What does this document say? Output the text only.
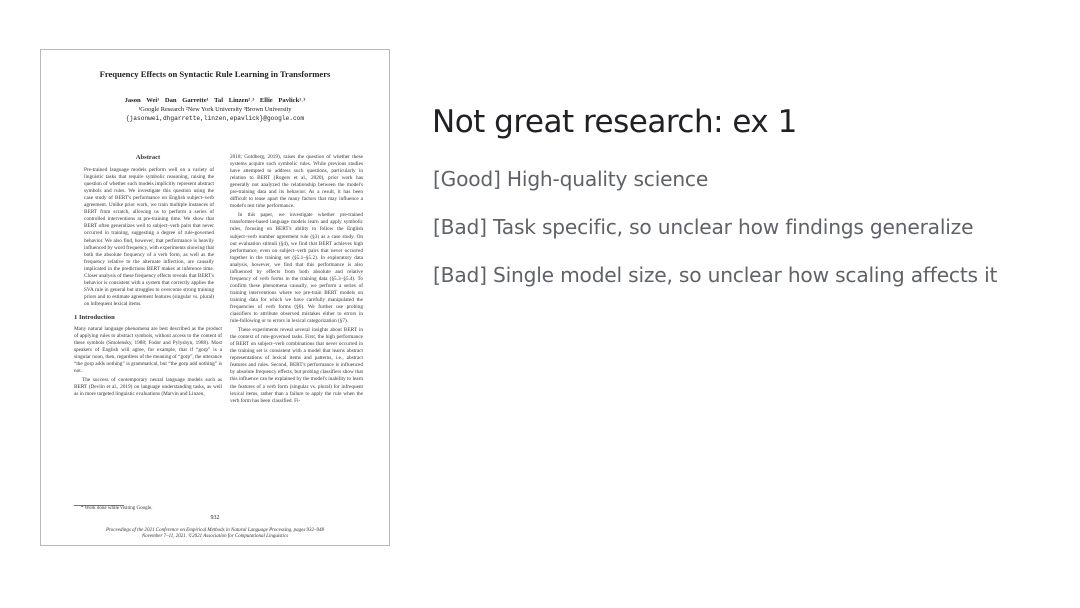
Frequency Effects on Syntactic Rule Learning in Transformers
Jason Wei¹ Dan Garrette¹ Tal Linzen²˒³ Ellie Pavlick¹˒³
¹Google Research ²New York University ³Brown University
{jasonwei,dhgarrette,linzen,epavlick}@google.com
Abstract

Pre-trained language models perform well on a variety of linguistic tasks that require symbolic reasoning, raising the question of whether such models implicitly represent abstract symbols and rules. We investigate this question using the case study of BERT's performance on English subject–verb agreement. Unlike prior work, we train multiple instances of BERT from scratch, allowing us to perform a series of controlled interventions at pre-training time. We show that BERT often generalizes well to subject–verb pairs that never occurred in training, suggesting a degree of rule-governed behavior. We also find, however, that performance is heavily influenced by word frequency, with experiments showing that both the absolute frequency of a verb form, as well as the frequency relative to the alternate inflection, are causally implicated in the predictions BERT makes at inference time. Closer analysis of these frequency effects reveals that BERT's behavior is consistent with a system that correctly applies the SVA rule in general but struggles to overcome strong training priors and to estimate agreement features (singular vs. plural) on infrequent lexical items.

1 Introduction

Many natural language phenomena are best described as the product of applying rules to abstract symbols, without access to the content of these symbols (Smolensky, 1988; Fodor and Pylyshyn, 1988). Most speakers of English will agree, for example, that if “gorp” is a singular noun, then, regardless of the meaning of “gorp”, the utterance “the gorp adds nothing” is grammatical, but “the gorp add nothing” is not.

The success of contemporary neural language models such as BERT (Devlin et al., 2019) on language understanding tasks, as well as in more targeted linguistic evaluations (Marvin and Linzen,

2018; Goldberg, 2019), raises the question of whether these systems acquire such symbolic rules. While previous studies have attempted to address such questions, particularly in relation to BERT (Rogers et al., 2020), prior work has generally not analyzed the relationship between the model's pre-training data and its behavior. As a result, it has been difficult to tease apart the many factors that may influence a model's test time performance.

In this paper, we investigate whether pre-trained transformer-based language models learn and apply symbolic rules, focusing on BERT's ability to follow the English subject–verb number agreement rule (§3) as a case study. On our evaluation stimuli (§4), we find that BERT achieves high performance, even on subject–verb pairs that never occurred together in the training set (§5.1–§5.2). In exploratory data analysis, however, we find that this performance is also influenced by effects from both absolute and relative frequency of verb forms in the training data (§5.3–§5.4). To confirm these phenomena causally, we perform a series of training interventions where we pre-train BERT models on training data for which we have carefully manipulated the frequencies of verb forms (§6). We further use probing classifiers to attribute observed mistakes either to errors in rule-following or to errors in lexical categorization (§7).

These experiments reveal several insights about BERT in the context of rule-governed tasks. First, the high performance of BERT on subject–verb combinations that never occurred in the training set is consistent with a model that learns abstract representations of lexical items and patterns, i.e., abstract features and rules. Second, BERT's performance is influenced by absolute frequency effects, but probing classifiers show that this influence can be explained by the model's inability to learn the features of a verb form (singular vs. plural) for infrequent lexical items, rather than a failure to apply the rule when the verb form has been classified. Fi-

* Work done while visiting Google.
932
Proceedings of the 2021 Conference on Empirical Methods in Natural Language Processing, pages 932–948
November 7–11, 2021. ©2021 Association for Computational Linguistics
Not great research: ex 1
[Good] High-quality science
[Bad] Task specific, so unclear how findings generalize
[Bad] Single model size, so unclear how scaling affects it
